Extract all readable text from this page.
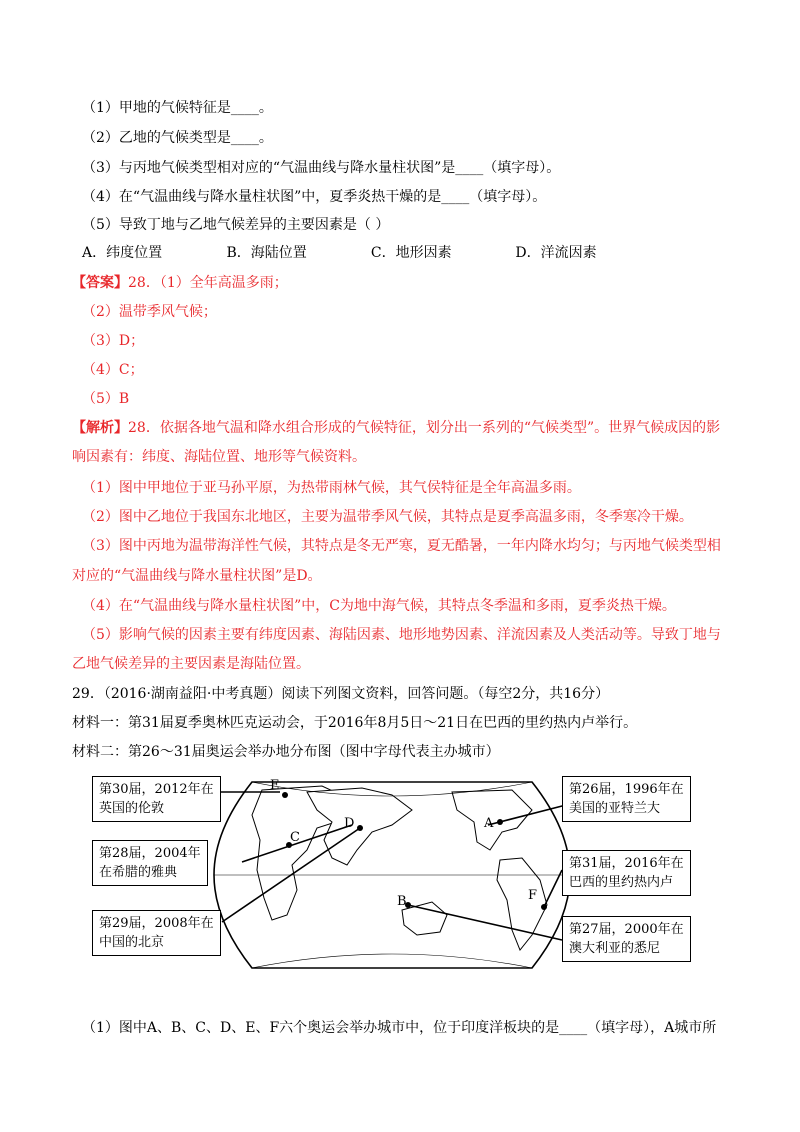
（1）甲地的气候特征是____。
（2）乙地的气候类型是____。
（3）与丙地气候类型相对应的“气温曲线与降水量柱状图”是____（填字母）。
（4）在“气温曲线与降水量柱状图”中，夏季炎热干燥的是____（填字母）。
（5）导致丁地与乙地气候差异的主要因素是（ ）
A．纬度位置	B．海陆位置	C．地形因素	D．洋流因素
【答案】28．（1）全年高温多雨；
（2）温带季风气候；
（3）D；
（4）C；
（5）B
【解析】28．依据各地气温和降水组合形成的气候特征，划分出一系列的“气候类型”。世界气候成因的影
响因素有：纬度、海陆位置、地形等气候资料。
（1）图中甲地位于亚马孙平原，为热带雨林气候，其气侯特征是全年高温多雨。
（2）图中乙地位于我国东北地区，主要为温带季风气候，其特点是夏季高温多雨，冬季寒冷干燥。
（3）图中丙地为温带海洋性气候，其特点是冬无严寒，夏无酷暑，一年内降水均匀；与丙地气候类型相
对应的“气温曲线与降水量柱状图”是D。
（4）在“气温曲线与降水量柱状图”中，C为地中海气候，其特点冬季温和多雨，夏季炎热干燥。
（5）影响气候的因素主要有纬度因素、海陆因素、地形地势因素、洋流因素及人类活动等。导致丁地与
乙地气候差异的主要因素是海陆位置。
29．（2016·湖南益阳·中考真题）阅读下列图文资料，回答问题。（每空2分，共16分）
材料一：第31届夏季奥林匹克运动会，于2016年8月5日～21日在巴西的里约热内卢举行。
材料二：第26～31届奥运会举办地分布图（图中字母代表主办城市）
E
C
D	A
B	F
第30届，2012年在
英国的伦敦
第28届，2004年
在希腊的雅典
第29届，2008年在
中国的北京
第26届，1996年在
美国的亚特兰大
第31届，2016年在
巴西的里约热内卢
第27届，2000年在
澳大利亚的悉尼
（1）图中A、B、C、D、E、F六个奥运会举办城市中，位于印度洋板块的是____（填字母），A城市所
